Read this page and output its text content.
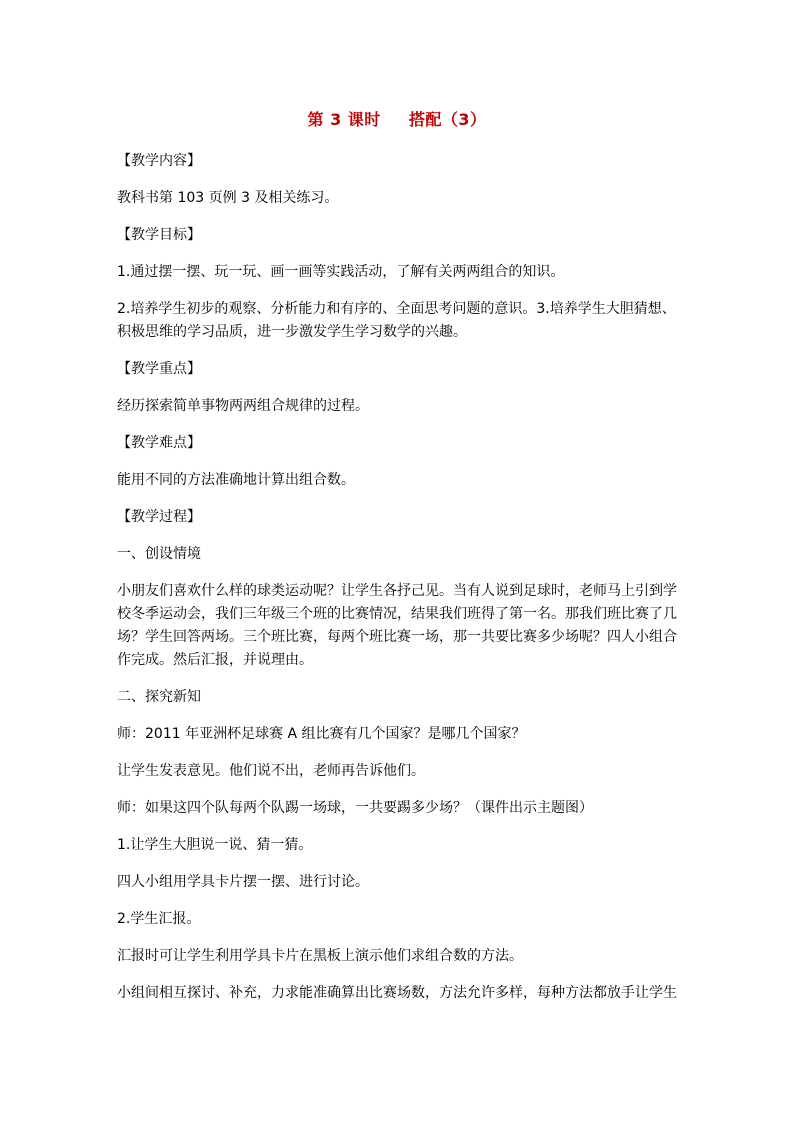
第 3 课时 搭配（3）

【教学内容】

教科书第 103 页例 3 及相关练习。

【教学目标】

1.通过摆一摆、玩一玩、画一画等实践活动，了解有关两两组合的知识。

2.培养学生初步的观察、分析能力和有序的、全面思考问题的意识。3.培养学生大胆猜想、积极思维的学习品质，进一步激发学生学习数学的兴趣。

【教学重点】

经历探索简单事物两两组合规律的过程。

【教学难点】

能用不同的方法准确地计算出组合数。

【教学过程】

一、创设情境

小朋友们喜欢什么样的球类运动呢？让学生各抒己见。当有人说到足球时，老师马上引到学校冬季运动会，我们三年级三个班的比赛情况，结果我们班得了第一名。那我们班比赛了几场？学生回答两场。三个班比赛，每两个班比赛一场，那一共要比赛多少场呢？四人小组合作完成。然后汇报，并说理由。

二、探究新知

师：2011 年亚洲杯足球赛 A 组比赛有几个国家？是哪几个国家？

让学生发表意见。他们说不出，老师再告诉他们。

师：如果这四个队每两个队踢一场球，一共要踢多少场？（课件出示主题图）

1.让学生大胆说一说、猜一猜。

四人小组用学具卡片摆一摆、进行讨论。

2.学生汇报。

汇报时可让学生利用学具卡片在黑板上演示他们求组合数的方法。

小组间相互探讨、补充，力求能准确算出比赛场数，方法允许多样，每种方法都放手让学生
